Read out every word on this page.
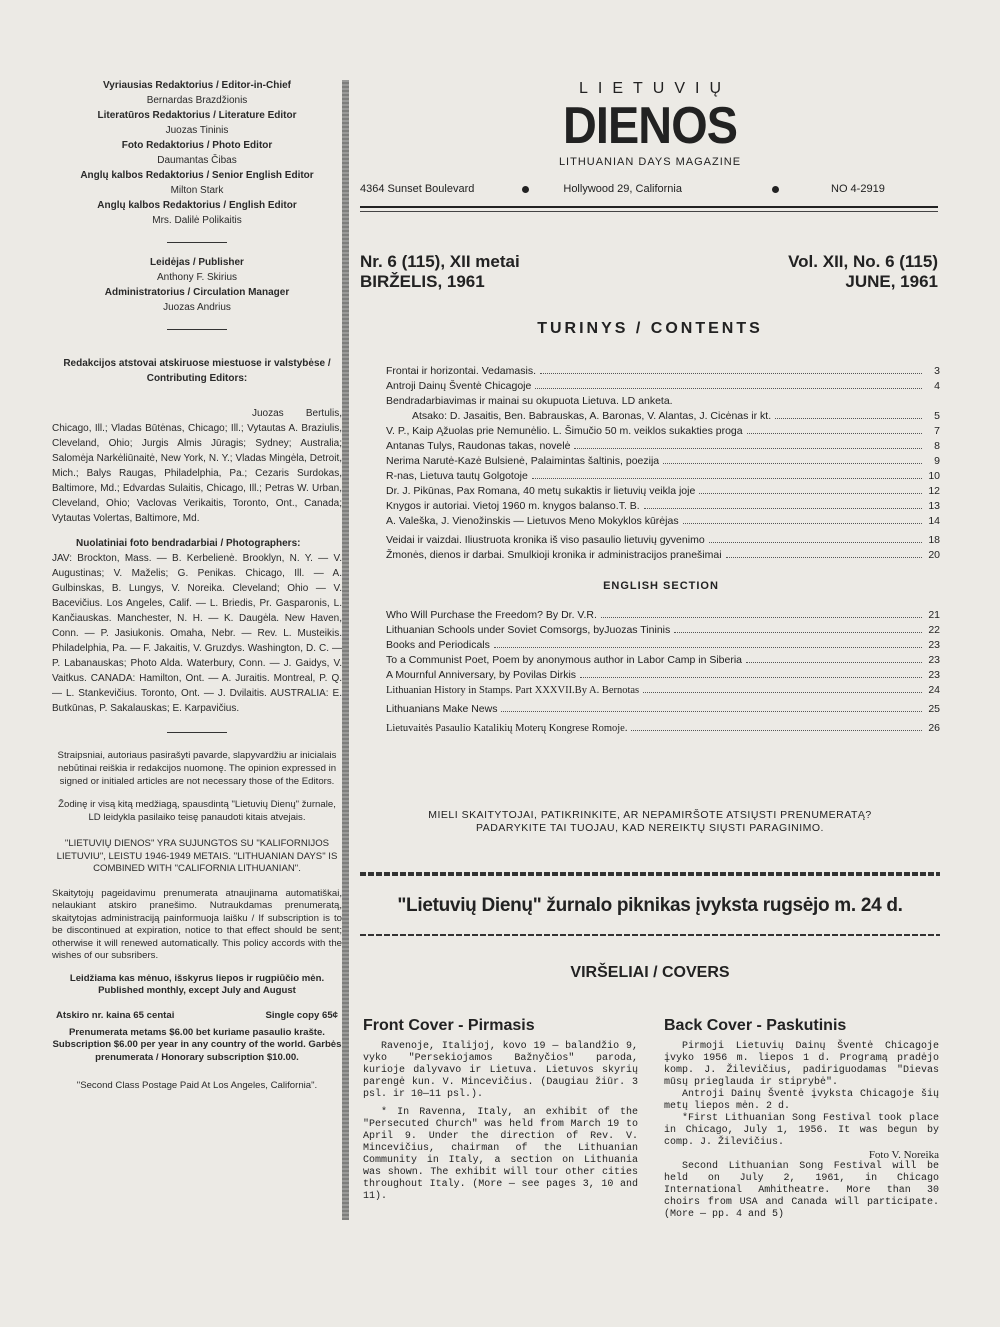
Vyriausias Redaktorius / Editor-in-Chief
Bernardas Brazdžionis
Literatūros Redaktorius / Literature Editor
Juozas Tininis
Foto Redaktorius / Photo Editor
Daumantas Čibas
Anglų kalbos Redaktorius / Senior English Editor
Milton Stark
Anglų kalbos Redaktorius / English Editor
Mrs. Dalilė Polikaitis
Leidėjas / Publisher
Anthony F. Skirius
Administratorius / Circulation Manager
Juozas Andrius
Redakcijos atstovai atskiruose miestuose ir valstybėse / Contributing Editors:
Juozas Bertulis, Chicago, Ill.; Vladas Būtėnas, Chicago; Ill.; Vytautas A. Braziulis, Cleveland, Ohio; Jurgis Almis Jūragis; Sydney; Australia; Salomėja Narkėliūnaitė, New York, N. Y.; Vladas Mingėla, Detroit, Mich.; Balys Raugas, Philadelphia, Pa.; Cezaris Surdokas, Baltimore, Md.; Edvardas Sulaitis, Chicago, Ill.; Petras W. Urban, Cleveland, Ohio; Vaclovas Verikaitis, Toronto, Ont., Canada; Vytautas Volertas, Baltimore, Md.
Nuolatiniai foto bendradarbiai / Photographers:
JAV: Brockton, Mass. — B. Kerbelienė. Brooklyn, N. Y. — V. Augustinas; V. Maželis; G. Penikas. Chicago, Ill. — A. Gulbinskas, B. Lungys, V. Noreika. Cleveland; Ohio — V. Bacevičius. Los Angeles, Calif. — L. Briedis, Pr. Gasparonis, L. Kančiauskas. Manchester, N. H. — K. Daugėla. New Haven, Conn. — P. Jasiukonis. Omaha, Nebr. — Rev. L. Musteikis. Philadelphia, Pa. — F. Jakaitis, V. Gruzdys. Washington, D. C. — P. Labanauskas; Photo Alda. Waterbury, Conn. — J. Gaidys, V. Vaitkus. CANADA: Hamilton, Ont. — A. Juraitis. Montreal, P. Q. — L. Stankevičius. Toronto, Ont. — J. Dvilaitis. AUSTRALIA: E. Butkūnas, P. Sakalauskas; E. Karpavičius.
Straipsniai, autoriaus pasirašyti pavarde, slapyvardžiu ar inicialais nebūtinai reiškia ir redakcijos nuomonę. The opinion expressed in signed or initialed articles are not necessary those of the Editors.
Žodinę ir visą kitą medžiagą, spausdintą "Lietuvių Dienų" žurnale, LD leidykla pasilaiko teisę panaudoti kitais atvejais.
"LIETUVIŲ DIENOS" YRA SUJUNGTOS SU "KALIFORNIJOS LIETUVIU", LEISTU 1946-1949 METAIS. "LITHUANIAN DAYS" IS COMBINED WITH "CALIFORNIA LITHUANIAN".
Skaitytojų pageidavimu prenumerata atnaujinama automatiškai, nelaukiant atskiro pranešimo. Nutraukdamas prenumeratą, skaitytojas administraciją painformuoja laišku / If subscription is to be discontinued at expiration, notice to that effect should be sent; otherwise it will renewed automatically. This policy accords with the wishes of our subsribers.
Leidžiama kas mėnuo, išskyrus liepos ir rugpiūčio mėn.
Published monthly, except July and August
Atskiro nr. kaina 65 centai	Single copy 65¢
Prenumerata metams $6.00 bet kuriame pasaulio krašte. Subscription $6.00 per year in any country of the world. Garbės prenumerata / Honorary subscription $10.00.
"Second Class Postage Paid At Los Angeles, California".
LIETUVIŲ
DIENOS
LITHUANIAN DAYS MAGAZINE
4364 Sunset Boulevard	Hollywood 29, California	NO 4-2919
Nr. 6 (115), XII metai
BIRŽELIS, 1961
Vol. XII, No. 6 (115)
JUNE, 1961
TURINYS / CONTENTS
Frontai ir horizontai. Vedamasis.	3
Antroji Dainų Šventė Chicagoje	4
Bendradarbiavimas ir mainai su okupuota Lietuva. LD anketa.
Atsako: D. Jasaitis, Ben. Babrauskas, A. Baronas, V. Alantas, J. Cicėnas ir kt.	5
V. P., Kaip Ąžuolas prie Nemunėlio. L. Šimučio 50 m. veiklos sukakties proga	7
Antanas Tulys, Raudonas takas, novelė	8
Nerima Narutė-Kazė Bulsienė, Palaimintas šaltinis, poezija	9
R-nas, Lietuva tautų Golgotoje	10
Dr. J. Pikūnas, Pax Romana, 40 metų sukaktis ir lietuvių veikla joje	12
Knygos ir autoriai. Vietoj 1960 m. knygos balanso.T. B.	13
A. Valeška, J. Vienožinskis — Lietuvos Meno Mokyklos kūrėjas	14
Veidai ir vaizdai. Iliustruota kronika iš viso pasaulio lietuvių gyvenimo	18
Žmonės, dienos ir darbai. Smulkioji kronika ir administracijos pranešimai	20
ENGLISH SECTION
Who Will Purchase the Freedom? By Dr. V.R.	21
Lithuanian Schools under Soviet Comsorgs, byJuozas Tininis	22
Books and Periodicals	23
To a Communist Poet, Poem by anonymous author in Labor Camp in Siberia	23
A Mournful Anniversary, by Povilas Dirkis	23
Lithuanian History in Stamps. Part XXXVII.By A. Bernotas	24
Lithuanians Make News	25
Lietuvaitės Pasaulio Katalikių Moterų Kongrese Romoje.	26
MIELI SKAITYTOJAI, PATIKRINKITE, AR NEPAMIRŠOTE ATSIŲSTI PRENUMERATĄ?
PADARYKITE TAI TUOJAU, KAD NEREIKTŲ SIŲSTI PARAGINIMO.
"Lietuvių Dienų" žurnalo piknikas įvyksta rugsėjo m. 24 d.
VIRŠELIAI / COVERS
Front Cover - Pirmasis

Ravenoje, Italijoj, kovo 19 — balandžio 9, vyko "Persekiojamos Bažnyčios" paroda, kurioje dalyvavo ir Lietuva. Lietuvos skyrių parengė kun. V. Mincevičius. (Daugiau žiūr. 3 psl. ir 10—11 psl.).

* In Ravenna, Italy, an exhibit of the "Persecuted Church" was held from March 19 to April 9. Under the direction of Rev. V. Mincevičius, chairman of the Lithuanian Community in Italy, a section on Lithuania was shown. The exhibit will tour other cities throughout Italy. (More — see pages 3, 10 and 11).

Back Cover - Paskutinis

Pirmoji Lietuvių Dainų Šventė Chicagoje įvyko 1956 m. liepos 1 d. Programą pradėjo komp. J. Žilevičius, padiriguodamas "Dievas mūsų prieglauda ir stiprybė".

Antroji Dainų Šventė įvyksta Chicagoje šių metų liepos mėn. 2 d.

*First Lithuanian Song Festival took place in Chicago, July 1, 1956. It was begun by comp. J. Žilevičius.

Foto V. Noreika

Second Lithuanian Song Festival will be held on July 2, 1961, in Chicago International Amhitheatre. More than 30 choirs from USA and Canada will participate. (More — pp. 4 and 5)
